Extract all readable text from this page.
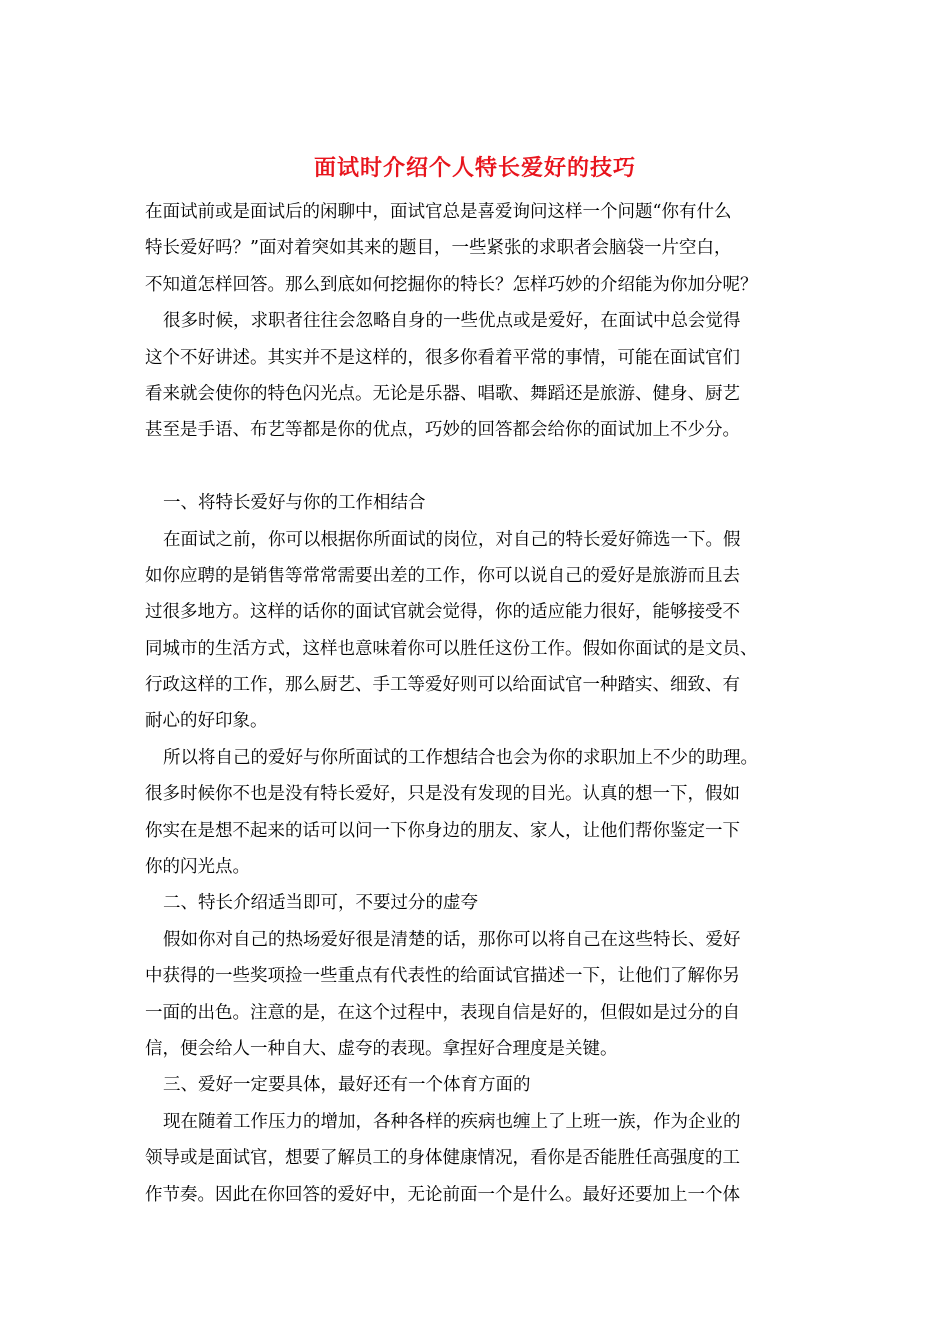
面试时介绍个人特长爱好的技巧
在面试前或是面试后的闲聊中，面试官总是喜爱询问这样一个问题“你有什么
特长爱好吗？”面对着突如其来的题目，一些紧张的求职者会脑袋一片空白，
不知道怎样回答。那么到底如何挖掘你的特长？怎样巧妙的介绍能为你加分呢？
很多时候，求职者往往会忽略自身的一些优点或是爱好，在面试中总会觉得
这个不好讲述。其实并不是这样的，很多你看着平常的事情，可能在面试官们
看来就会使你的特色闪光点。无论是乐器、唱歌、舞蹈还是旅游、健身、厨艺
甚至是手语、布艺等都是你的优点，巧妙的回答都会给你的面试加上不少分。
一、将特长爱好与你的工作相结合
在面试之前，你可以根据你所面试的岗位，对自己的特长爱好筛选一下。假
如你应聘的是销售等常常需要出差的工作，你可以说自己的爱好是旅游而且去
过很多地方。这样的话你的面试官就会觉得，你的适应能力很好，能够接受不
同城市的生活方式，这样也意味着你可以胜任这份工作。假如你面试的是文员、
行政这样的工作，那么厨艺、手工等爱好则可以给面试官一种踏实、细致、有
耐心的好印象。
所以将自己的爱好与你所面试的工作想结合也会为你的求职加上不少的助理。
很多时候你不也是没有特长爱好，只是没有发现的目光。认真的想一下，假如
你实在是想不起来的话可以问一下你身边的朋友、家人，让他们帮你鉴定一下
你的闪光点。
二、特长介绍适当即可，不要过分的虚夸
假如你对自己的热场爱好很是清楚的话，那你可以将自己在这些特长、爱好
中获得的一些奖项捡一些重点有代表性的给面试官描述一下，让他们了解你另
一面的出色。注意的是，在这个过程中，表现自信是好的，但假如是过分的自
信，便会给人一种自大、虚夸的表现。拿捏好合理度是关键。
三、爱好一定要具体，最好还有一个体育方面的
现在随着工作压力的增加，各种各样的疾病也缠上了上班一族，作为企业的
领导或是面试官，想要了解员工的身体健康情况，看你是否能胜任高强度的工
作节奏。因此在你回答的爱好中，无论前面一个是什么。最好还要加上一个体
